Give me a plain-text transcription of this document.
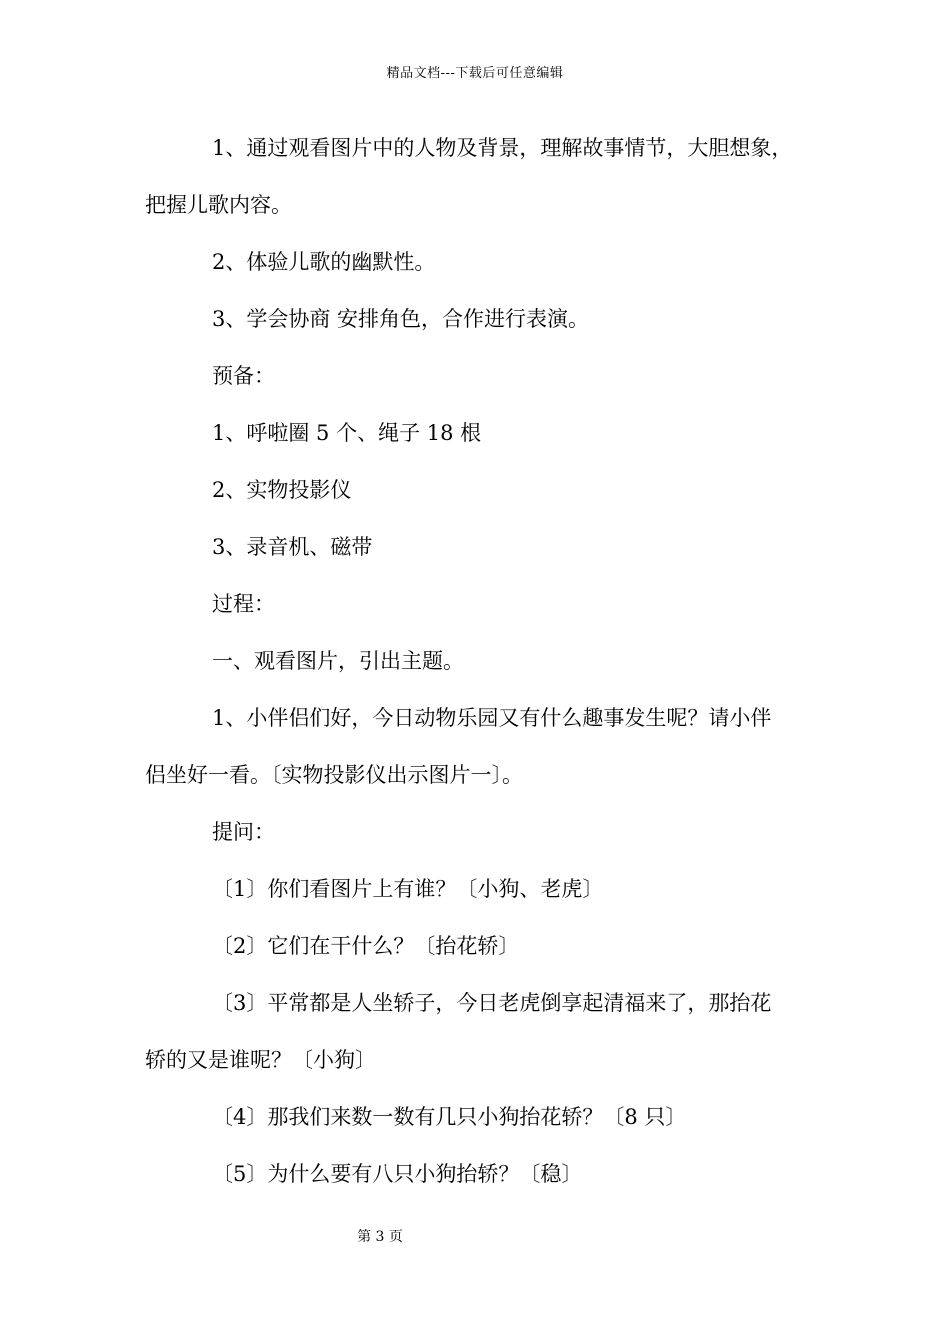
精品文档---下载后可任意编辑
1、通过观看图片中的人物及背景，理解故事情节，大胆想象，
把握儿歌内容。
2、体验儿歌的幽默性。
3、学会协商 安排角色，合作进行表演。
预备：
1、呼啦圈 5 个、绳子 18 根
2、实物投影仪
3、录音机、磁带
过程：
一、观看图片，引出主题。
1、小伴侣们好，今日动物乐园又有什么趣事发生呢？请小伴
侣坐好一看。〔实物投影仪出示图片一〕。
提问：
〔1〕你们看图片上有谁？〔小狗、老虎〕
〔2〕它们在干什么？〔抬花轿〕
〔3〕平常都是人坐轿子，今日老虎倒享起清福来了，那抬花
轿的又是谁呢？〔小狗〕
〔4〕那我们来数一数有几只小狗抬花轿？〔8 只〕
〔5〕为什么要有八只小狗抬轿？〔稳〕
第 3 页
